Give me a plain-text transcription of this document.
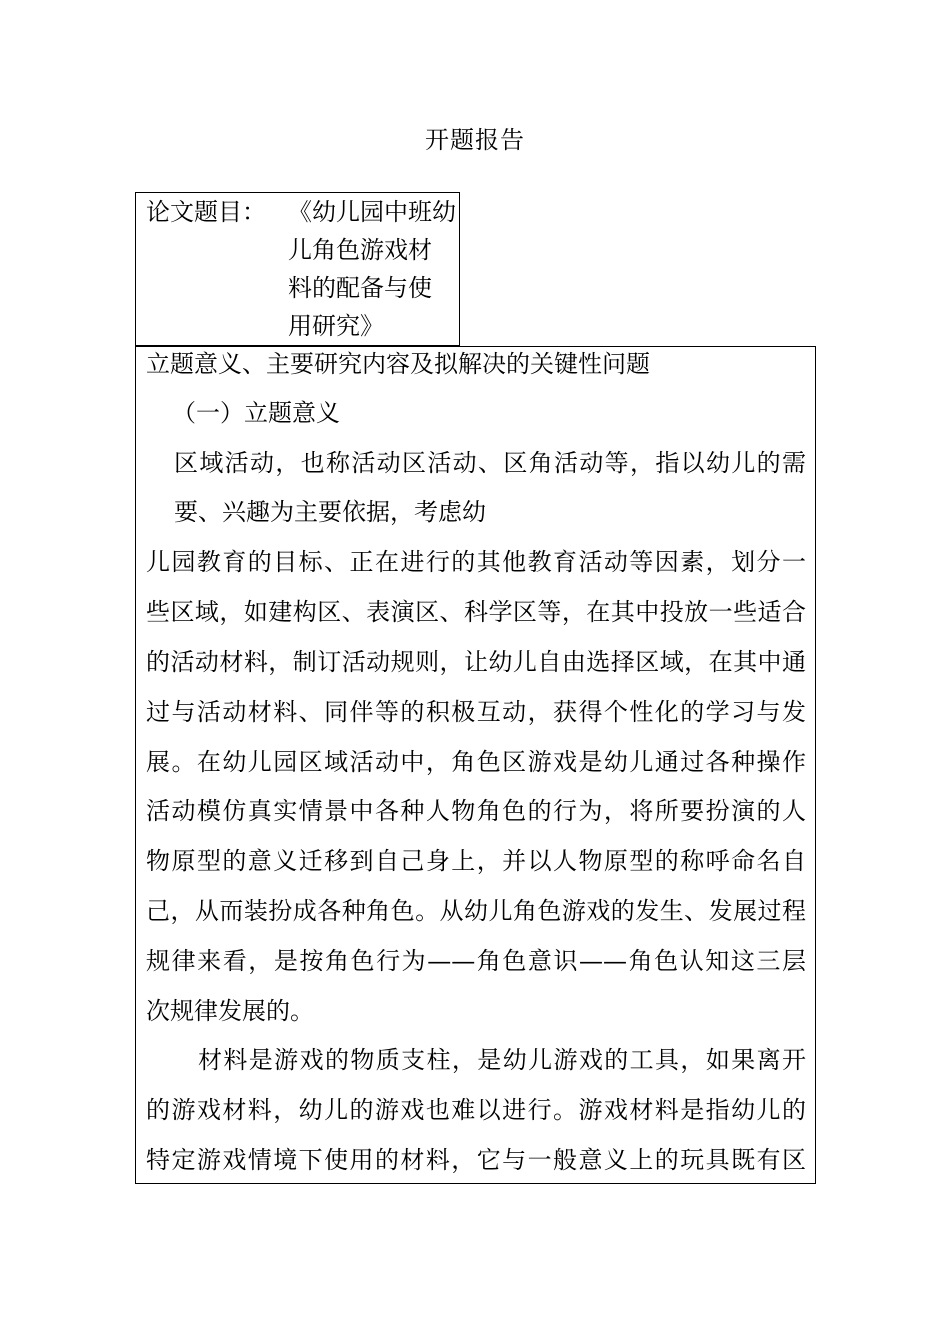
开题报告
论文题目： 《幼儿园中班幼
儿角色游戏材
料的配备与使
用研究》
立题意义、主要研究内容及拟解决的关键性问题
（一）立题意义
区域活动，也称活动区活动、区角活动等，指以幼儿的需
要、兴趣为主要依据，考虑幼
儿园教育的目标、正在进行的其他教育活动等因素，划分一
些区域，如建构区、表演区、科学区等，在其中投放一些适合
的活动材料，制订活动规则，让幼儿自由选择区域，在其中通
过与活动材料、同伴等的积极互动，获得个性化的学习与发
展。在幼儿园区域活动中，角色区游戏是幼儿通过各种操作
活动模仿真实情景中各种人物角色的行为，将所要扮演的人
物原型的意义迁移到自己身上，并以人物原型的称呼命名自
己，从而装扮成各种角色。从幼儿角色游戏的发生、发展过程
规律来看，是按角色行为——角色意识——角色认知这三层
次规律发展的。
材料是游戏的物质支柱，是幼儿游戏的工具，如果离开
的游戏材料，幼儿的游戏也难以进行。游戏材料是指幼儿的
特定游戏情境下使用的材料，它与一般意义上的玩具既有区
